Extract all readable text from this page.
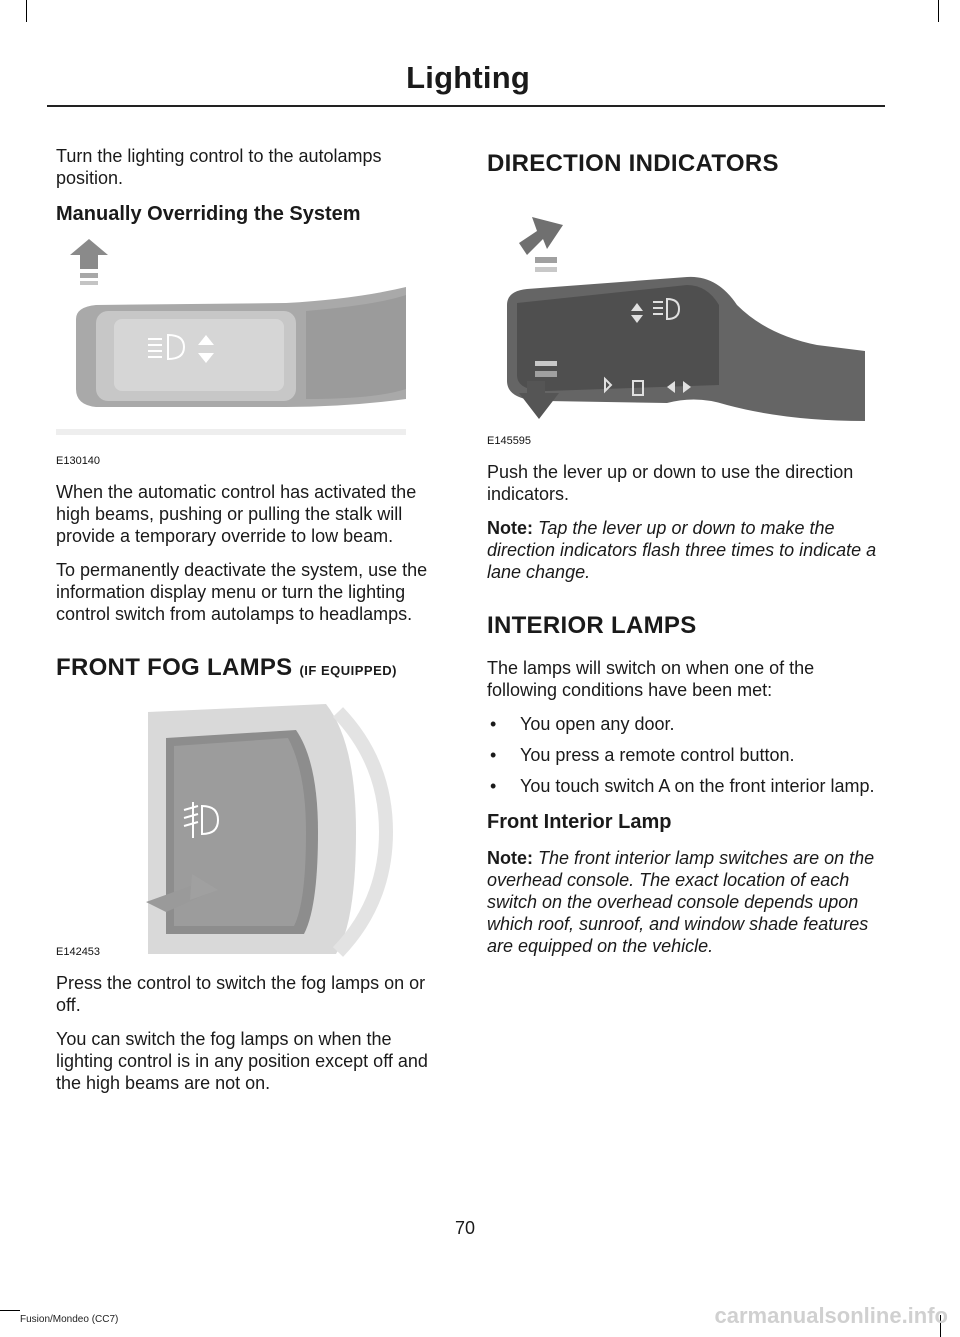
Lighting

Turn the lighting control to the autolamps position.

Manually Overriding the System
E130140

When the automatic control has activated the high beams, pushing or pulling the stalk will provide a temporary override to low beam.

To permanently deactivate the system, use the information display menu or turn the lighting control switch from autolamps to headlamps.

FRONT FOG LAMPS (IF EQUIPPED)
E142453

Press the control to switch the fog lamps on or off.

You can switch the fog lamps on when the lighting control is in any position except off and the high beams are not on.

DIRECTION INDICATORS
E145595

Push the lever up or down to use the direction indicators.

Note: Tap the lever up or down to make the direction indicators flash three times to indicate a lane change.

INTERIOR LAMPS

The lamps will switch on when one of the following conditions have been met:

• You open any door.
• You press a remote control button.
• You touch switch A on the front interior lamp.
Front Interior Lamp

Note: The front interior lamp switches are on the overhead console. The exact location of each switch on the overhead console depends upon which roof, sunroof, and window shade features are equipped on the vehicle.

70
Fusion/Mondeo (CC7)	carmanualsonline.info
